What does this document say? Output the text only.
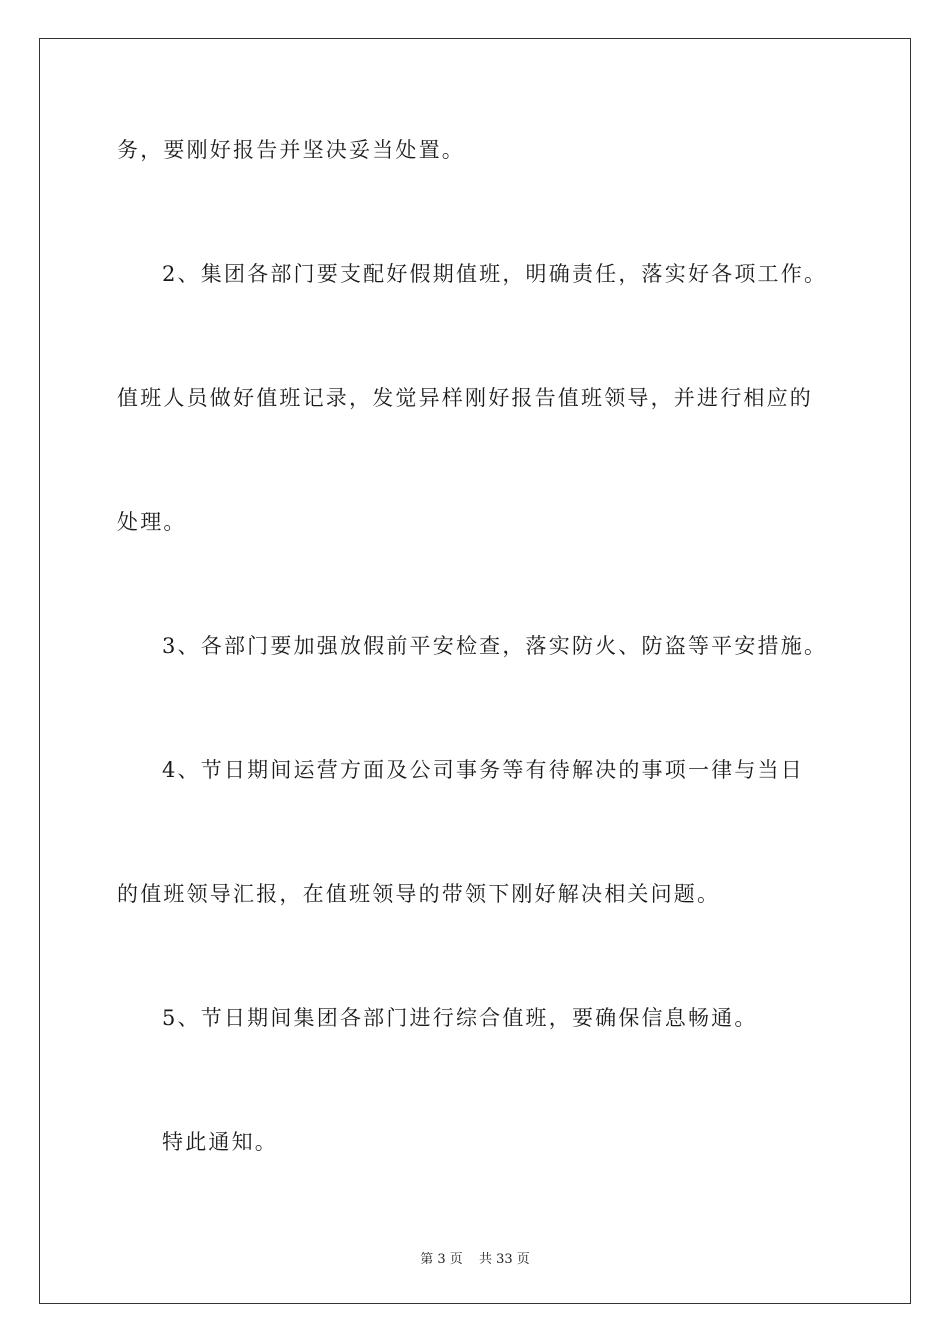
务，要刚好报告并坚决妥当处置。
2、集团各部门要支配好假期值班，明确责任，落实好各项工作。
值班人员做好值班记录，发觉异样刚好报告值班领导，并进行相应的
处理。
3、各部门要加强放假前平安检查，落实防火、防盗等平安措施。
4、节日期间运营方面及公司事务等有待解决的事项一律与当日
的值班领导汇报，在值班领导的带领下刚好解决相关问题。
5、节日期间集团各部门进行综合值班，要确保信息畅通。
特此通知。
第 3 页 共 33 页
